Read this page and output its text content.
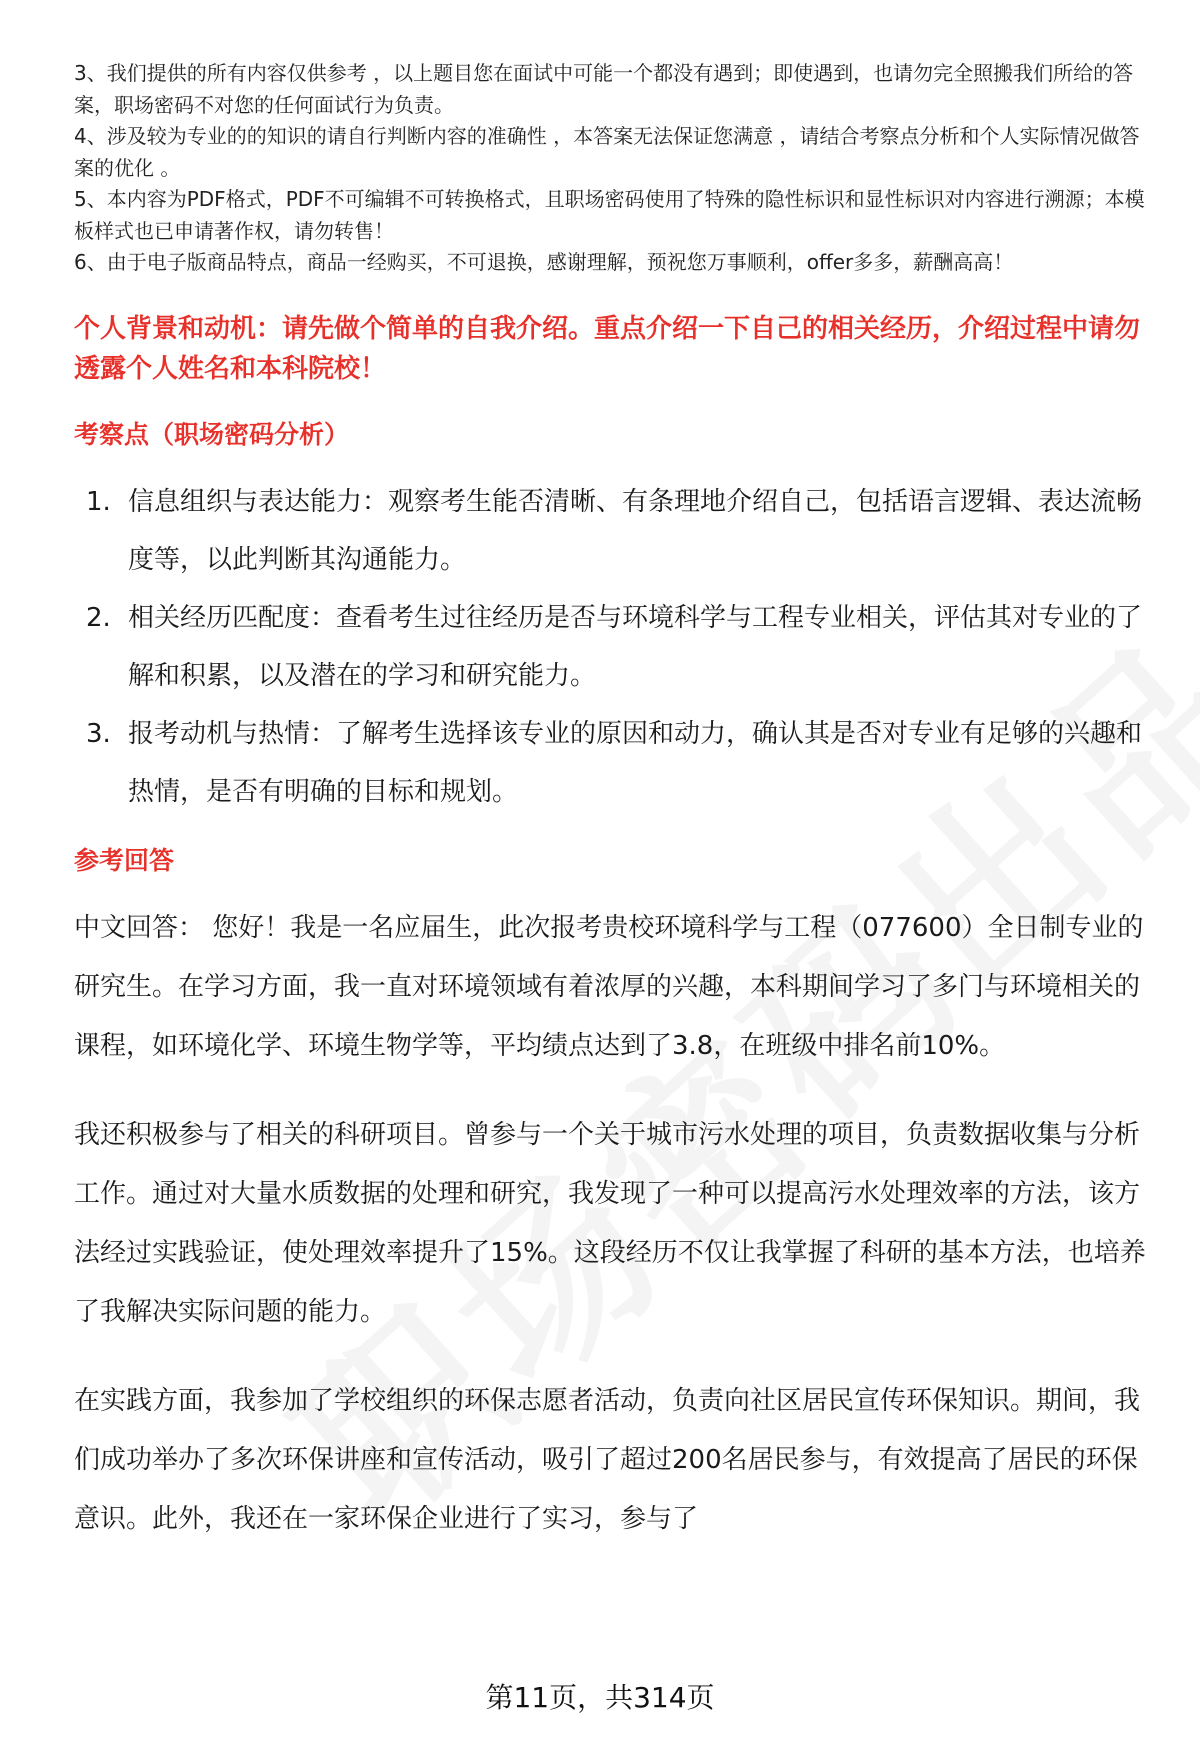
3、我们提供的所有内容仅供参考 ，以上题目您在面试中可能一个都没有遇到；即使遇到，也请勿完全照搬我们所给的答案，职场密码不对您的任何面试行为负责。

4、涉及较为专业的的知识的请自行判断内容的准确性 ，本答案无法保证您满意 ，请结合考察点分析和个人实际情况做答案的优化 。

5、本内容为PDF格式，PDF不可编辑不可转换格式，且职场密码使用了特殊的隐性标识和显性标识对内容进行溯源；本模板样式也已申请著作权，请勿转售！

6、由于电子版商品特点，商品一经购买，不可退换，感谢理解，预祝您万事顺利，offer多多，薪酬高高！

个人背景和动机：请先做个简单的自我介绍。重点介绍一下自己的相关经历，介绍过程中请勿透露个人姓名和本科院校！
考察点（职场密码分析）
1. 信息组织与表达能力：观察考生能否清晰、有条理地介绍自己，包括语言逻辑、表达流畅度等，以此判断其沟通能力。
2. 相关经历匹配度：查看考生过往经历是否与环境科学与工程专业相关，评估其对专业的了解和积累，以及潜在的学习和研究能力。
3. 报考动机与热情：了解考生选择该专业的原因和动力，确认其是否对专业有足够的兴趣和热情，是否有明确的目标和规划。
参考回答

中文回答： 您好！我是一名应届生，此次报考贵校环境科学与工程（077600）全日制专业的研究生。在学习方面，我一直对环境领域有着浓厚的兴趣，本科期间学习了多门与环境相关的课程，如环境化学、环境生物学等，平均绩点达到了3.8，在班级中排名前10%。

我还积极参与了相关的科研项目。曾参与一个关于城市污水处理的项目，负责数据收集与分析工作。通过对大量水质数据的处理和研究，我发现了一种可以提高污水处理效率的方法，该方法经过实践验证，使处理效率提升了15%。这段经历不仅让我掌握了科研的基本方法，也培养了我解决实际问题的能力。

在实践方面，我参加了学校组织的环保志愿者活动，负责向社区居民宣传环保知识。期间，我们成功举办了多次环保讲座和宣传活动，吸引了超过200名居民参与，有效提高了居民的环保意识。此外，我还在一家环保企业进行了实习，参与了

第11页，共314页
